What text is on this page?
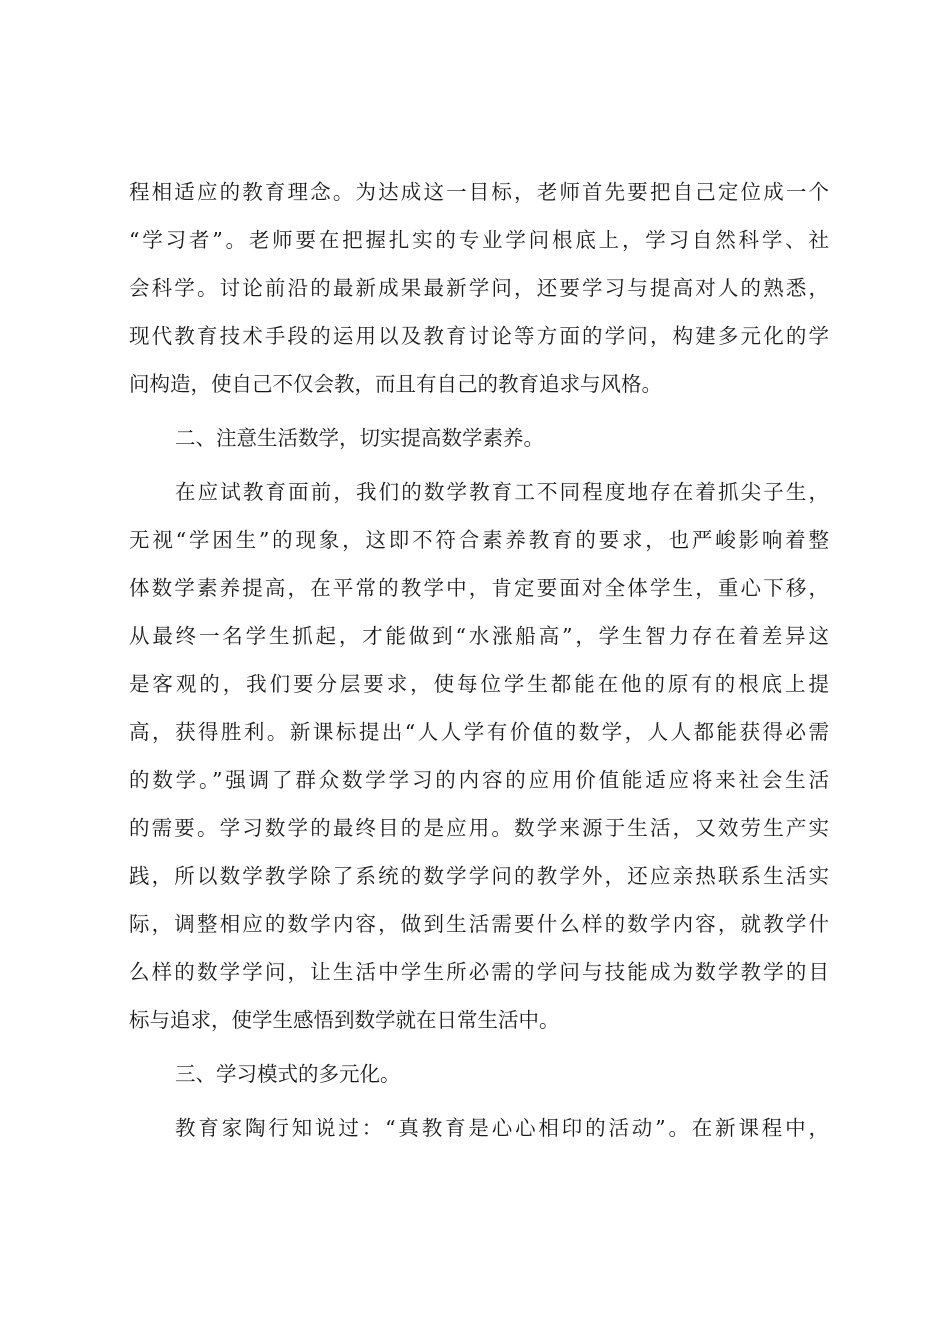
程相适应的教育理念。为达成这一目标，老师首先要把自己定位成一个
“学习者”。老师要在把握扎实的专业学问根底上，学习自然科学、社
会科学。讨论前沿的最新成果最新学问，还要学习与提高对人的熟悉，
现代教育技术手段的运用以及教育讨论等方面的学问，构建多元化的学
问构造，使自己不仅会教，而且有自己的教育追求与风格。
二、注意生活数学，切实提高数学素养。
在应试教育面前，我们的数学教育工不同程度地存在着抓尖子生，
无视“学困生”的现象，这即不符合素养教育的要求，也严峻影响着整
体数学素养提高，在平常的教学中，肯定要面对全体学生，重心下移，
从最终一名学生抓起，才能做到“水涨船高”，学生智力存在着差异这
是客观的，我们要分层要求，使每位学生都能在他的原有的根底上提
高，获得胜利。新课标提出“人人学有价值的数学，人人都能获得必需
的数学。”强调了群众数学学习的内容的应用价值能适应将来社会生活
的需要。学习数学的最终目的是应用。数学来源于生活，又效劳生产实
践，所以数学教学除了系统的数学学问的教学外，还应亲热联系生活实
际，调整相应的数学内容，做到生活需要什么样的数学内容，就教学什
么样的数学学问，让生活中学生所必需的学问与技能成为数学教学的目
标与追求，使学生感悟到数学就在日常生活中。
三、学习模式的多元化。
教育家陶行知说过：“真教育是心心相印的活动”。在新课程中，
